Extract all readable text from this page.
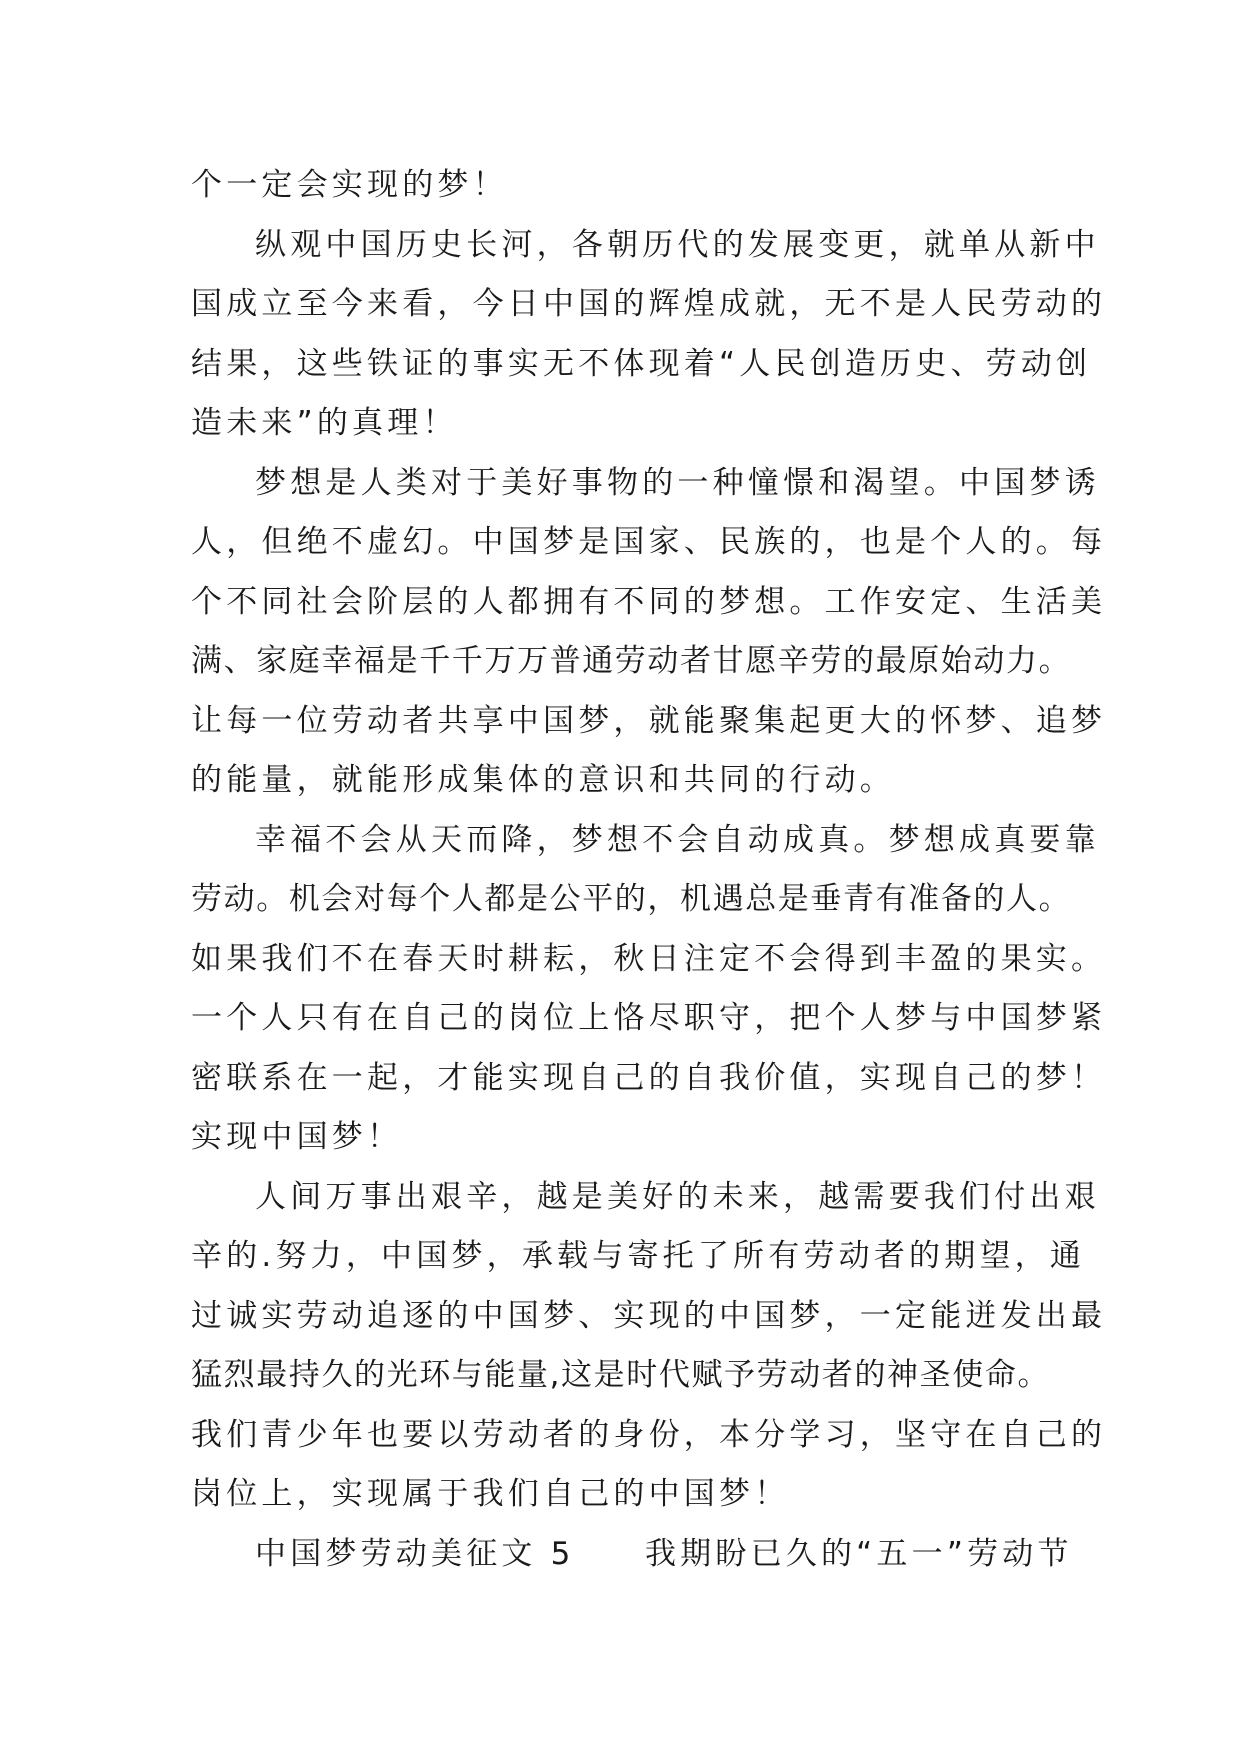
个一定会实现的梦！
纵观中国历史长河，各朝历代的发展变更，就单从新中
国成立至今来看，今日中国的辉煌成就，无不是人民劳动的
结果，这些铁证的事实无不体现着“人民创造历史、劳动创
造未来”的真理！
梦想是人类对于美好事物的一种憧憬和渴望。中国梦诱
人，但绝不虚幻。中国梦是国家、民族的，也是个人的。每
个不同社会阶层的人都拥有不同的梦想。工作安定、生活美
满、家庭幸福是千千万万普通劳动者甘愿辛劳的最原始动力。
让每一位劳动者共享中国梦，就能聚集起更大的怀梦、追梦
的能量，就能形成集体的意识和共同的行动。
幸福不会从天而降，梦想不会自动成真。梦想成真要靠
劳动。机会对每个人都是公平的，机遇总是垂青有准备的人。
如果我们不在春天时耕耘，秋日注定不会得到丰盈的果实。
一个人只有在自己的岗位上恪尽职守，把个人梦与中国梦紧
密联系在一起，才能实现自己的自我价值，实现自己的梦！
实现中国梦！
人间万事出艰辛，越是美好的未来，越需要我们付出艰
辛的.努力，中国梦，承载与寄托了所有劳动者的期望，通
过诚实劳动追逐的中国梦、实现的中国梦，一定能迸发出最
猛烈最持久的光环与能量,这是时代赋予劳动者的神圣使命。
我们青少年也要以劳动者的身份，本分学习，坚守在自己的
岗位上，实现属于我们自己的中国梦！
中国梦劳动美征文 5　　我期盼已久的“五一”劳动节
